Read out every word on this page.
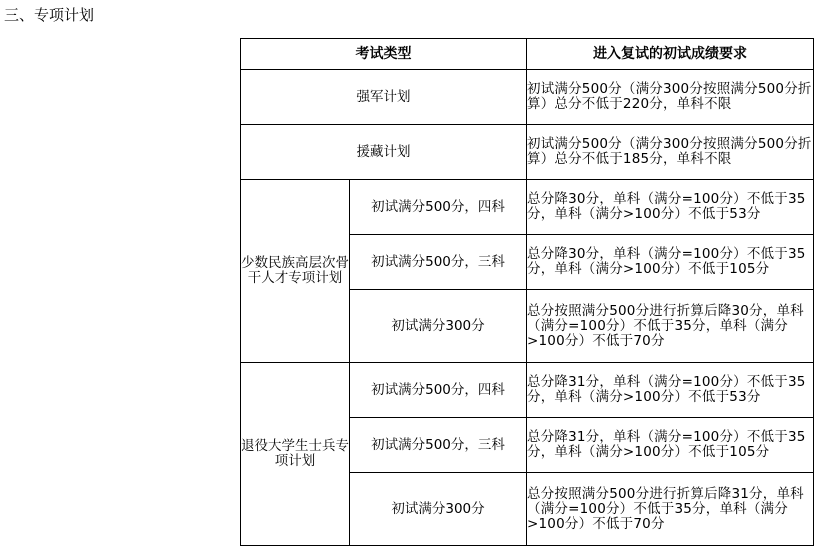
三、专项计划
考试类型		进入复试的初试成绩要求
强军计划		初试满分500分（满分300分按照满分500分折算）总分不低于220分，单科不限
援藏计划		初试满分500分（满分300分按照满分500分折算）总分不低于185分，单科不限
少数民族高层次骨干人才专项计划	初试满分500分，四科	总分降30分，单科（满分=100分）不低于35分，单科（满分>100分）不低于53分
	初试满分500分，三科	总分降30分，单科（满分=100分）不低于35分，单科（满分>100分）不低于105分
	初试满分300分	总分按照满分500分进行折算后降30分，单科（满分=100分）不低于35分，单科（满分>100分）不低于70分
退役大学生士兵专项计划	初试满分500分，四科	总分降31分，单科（满分=100分）不低于35分，单科（满分>100分）不低于53分
	初试满分500分，三科	总分降31分，单科（满分=100分）不低于35分，单科（满分>100分）不低于105分
	初试满分300分	总分按照满分500分进行折算后降31分，单科（满分=100分）不低于35分，单科（满分>100分）不低于70分
